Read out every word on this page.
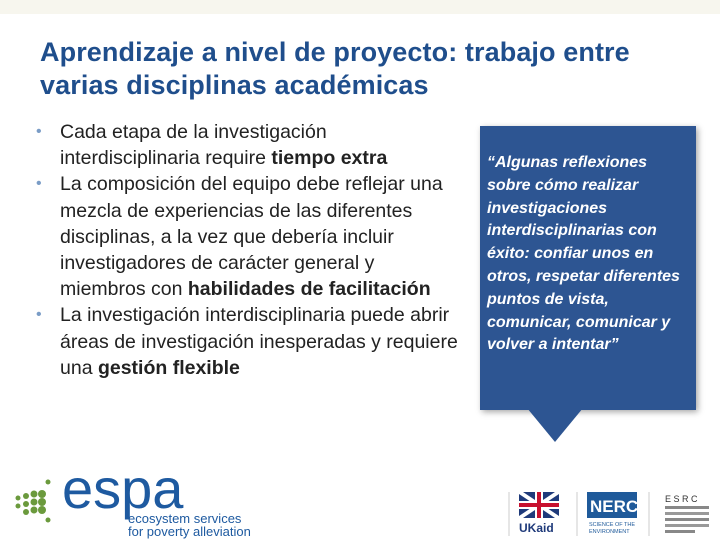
Aprendizaje a nivel de proyecto: trabajo entre varias disciplinas académicas
• Cada etapa de la investigación interdisciplinaria require tiempo extra
• La composición del equipo debe reflejar una mezcla de experiencias de las diferentes disciplinas, a la vez que debería incluir investigadores de carácter general y miembros con habilidades de facilitación
• La investigación interdisciplinaria puede abrir áreas de investigación inesperadas y requiere una gestión flexible

“Algunas reflexiones sobre cómo realizar investigaciones interdisciplinarias con éxito: confiar unos en otros, respetar diferentes puntos de vista, comunicar, comunicar y volver a intentar”

espa
ecosystem services
for poverty alleviation	UKaid
NERC
SCIENCE OF THE
ENVIRONMENT
E S R C
